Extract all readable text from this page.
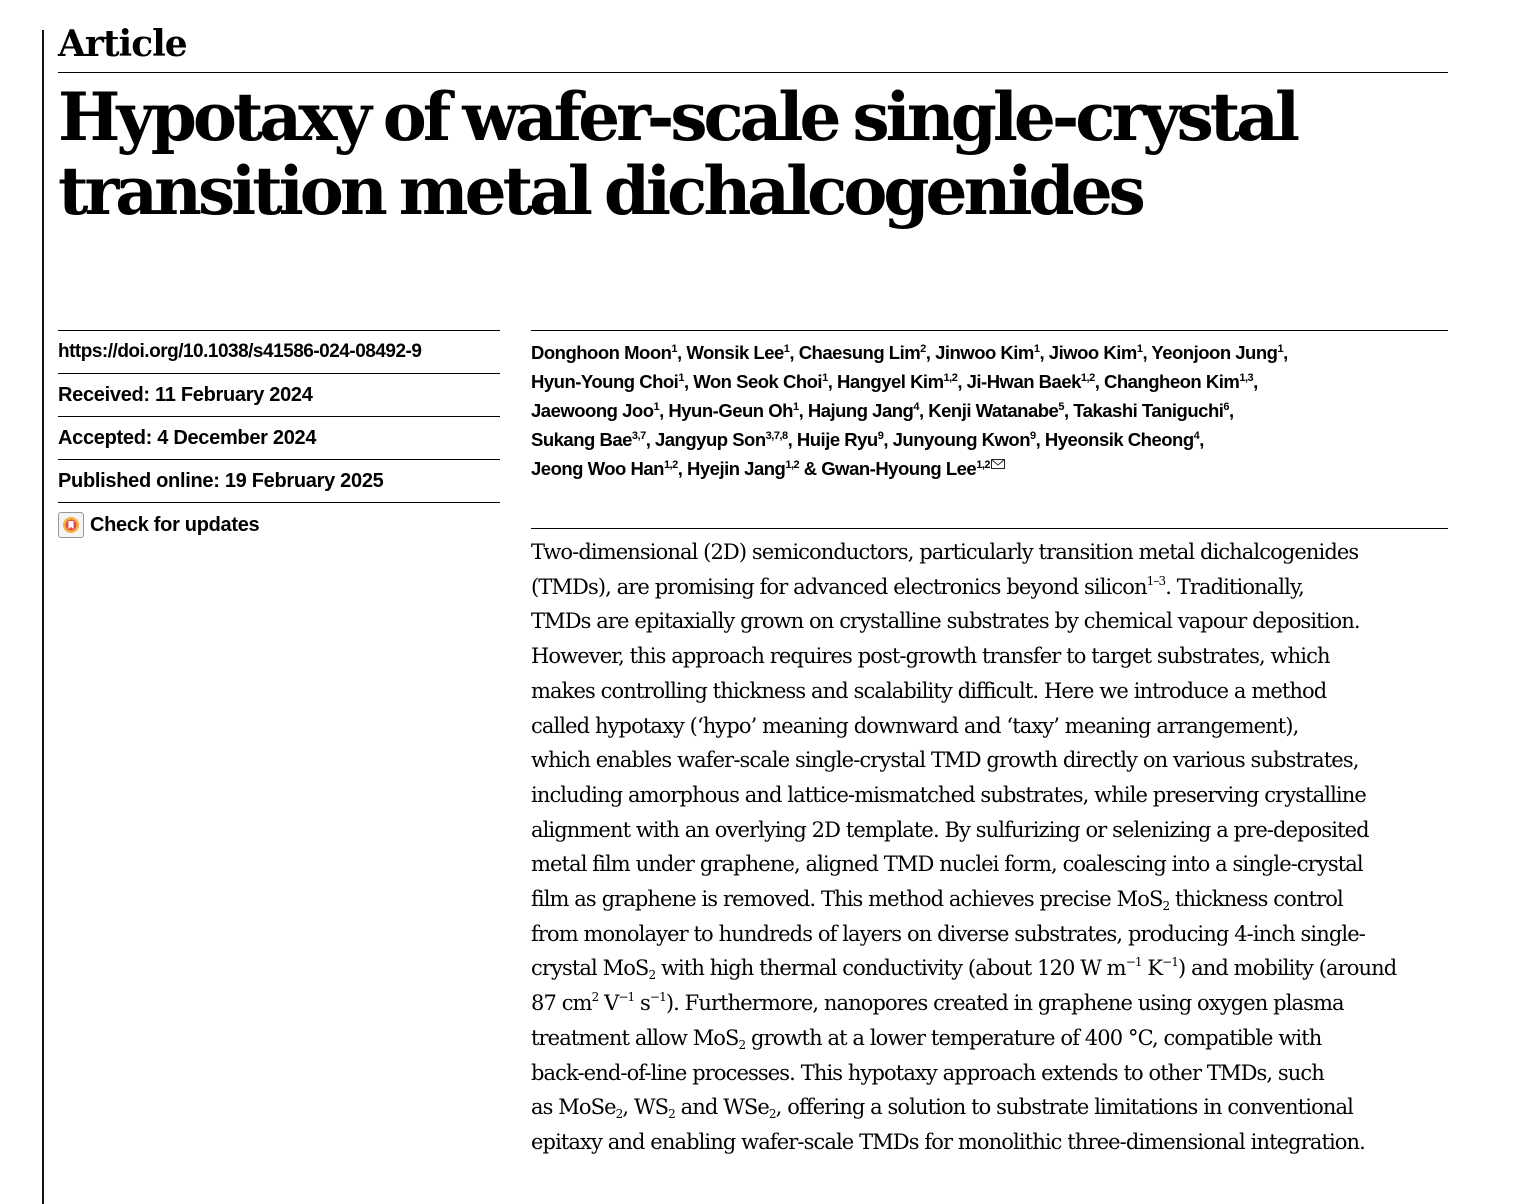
Article
Hypotaxy of wafer-scale single-crystal
transition metal dichalcogenides
https://doi.org/10.1038/s41586-024-08492-9
Received: 11 February 2024
Accepted: 4 December 2024
Published online: 19 February 2025
Check for updates
Donghoon Moon$^1$, Wonsik Lee$^1$, Chaesung Lim$^2$, Jinwoo Kim$^1$, Jiwoo Kim$^1$, Yeonjoon Jung$^1$,
Hyun-Young Choi$^1$, Won Seok Choi$^1$, Hangyel Kim$^{1,2}$, Ji-Hwan Baek$^{1,2}$, Changheon Kim$^{1,3}$,
Jaewoong Joo$^1$, Hyun-Geun Oh$^1$, Hajung Jang$^4$, Kenji Watanabe$^5$, Takashi Taniguchi$^6$,
Sukang Bae$^{3,7}$, Jangyup Son$^{3,7,8}$, Huije Ryu$^9$, Junyoung Kwon$^9$, Hyeonsik Cheong$^4$,
Jeong Woo Han$^{1,2}$, Hyejin Jang$^{1,2}$ & Gwan-Hyoung Lee$^{1,2}$
Two-dimensional (2D) semiconductors, particularly transition metal dichalcogenides
(TMDs), are promising for advanced electronics beyond silicon$^{1-3}$. Traditionally,
TMDs are epitaxially grown on crystalline substrates by chemical vapour deposition.
However, this approach requires post-growth transfer to target substrates, which
makes controlling thickness and scalability difficult. Here we introduce a method
called hypotaxy (‘hypo’ meaning downward and ‘taxy’ meaning arrangement),
which enables wafer-scale single-crystal TMD growth directly on various substrates,
including amorphous and lattice-mismatched substrates, while preserving crystalline
alignment with an overlying 2D template. By sulfurizing or selenizing a pre-deposited
metal film under graphene, aligned TMD nuclei form, coalescing into a single-crystal
film as graphene is removed. This method achieves precise MoS$_2$ thickness control
from monolayer to hundreds of layers on diverse substrates, producing 4-inch single-
crystal MoS$_2$ with high thermal conductivity (about 120 W $m^{-1}$ $K^{-1}$) and mobility (around
87 $cm^2$ $V^{-1}$ $s^{-1}$). Furthermore, nanopores created in graphene using oxygen plasma
treatment allow MoS$_2$ growth at a lower temperature of 400 °C, compatible with
back-end-of-line processes. This hypotaxy approach extends to other TMDs, such
as MoSe$_2$, $WS_2$ and WSe$_2$, offering a solution to substrate limitations in conventional
epitaxy and enabling wafer-scale TMDs for monolithic three-dimensional integration.
